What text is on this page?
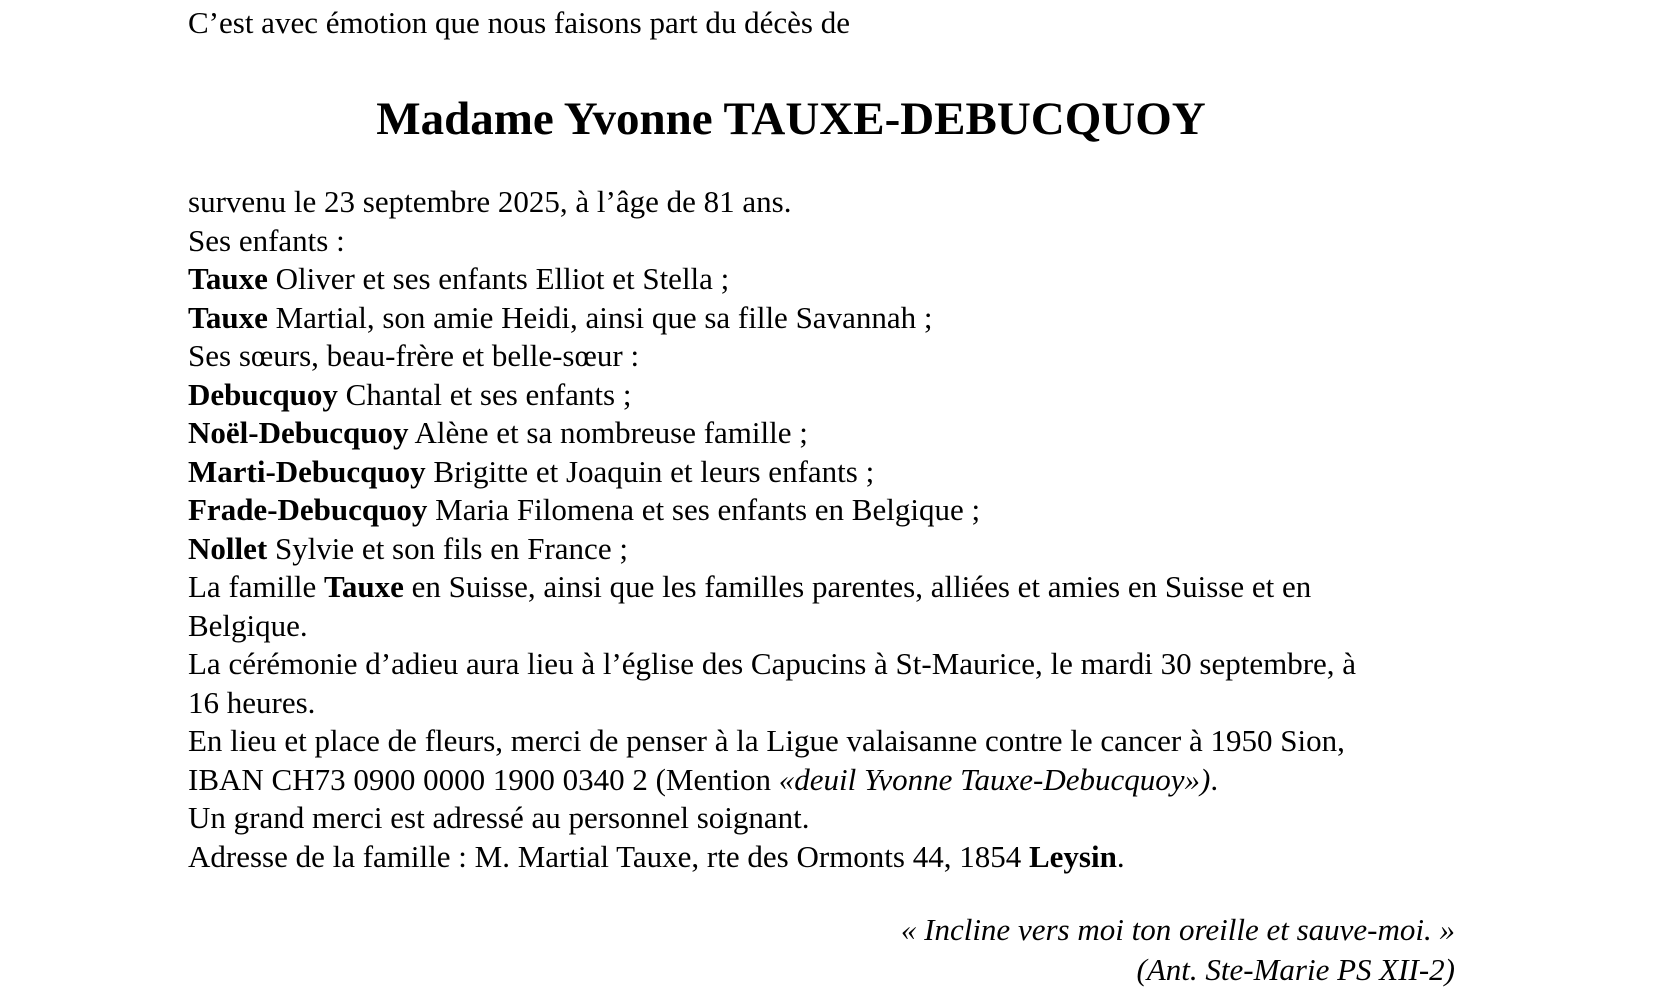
C’est avec émotion que nous faisons part du décès de
Madame Yvonne TAUXE-DEBUCQUOY
survenu le 23 septembre 2025, à l’âge de 81 ans.
Ses enfants :
Tauxe Oliver et ses enfants Elliot et Stella ;
Tauxe Martial, son amie Heidi, ainsi que sa fille Savannah ;
Ses sœurs, beau-frère et belle-sœur :
Debucquoy Chantal et ses enfants ;
Noël-Debucquoy Alène et sa nombreuse famille ;
Marti-Debucquoy Brigitte et Joaquin et leurs enfants ;
Frade-Debucquoy Maria Filomena et ses enfants en Belgique ;
Nollet Sylvie et son fils en France ;
La famille Tauxe en Suisse, ainsi que les familles parentes, alliées et amies en Suisse et en
Belgique.
La cérémonie d’adieu aura lieu à l’église des Capucins à St-Maurice, le mardi 30 septembre, à
16 heures.
En lieu et place de fleurs, merci de penser à la Ligue valaisanne contre le cancer à 1950 Sion,
IBAN CH73 0900 0000 1900 0340 2 (Mention «deuil Yvonne Tauxe-Debucquoy»).
Un grand merci est adressé au personnel soignant.
Adresse de la famille : M. Martial Tauxe, rte des Ormonts 44, 1854 Leysin.
« Incline vers moi ton oreille et sauve-moi. »
(Ant. Ste-Marie PS XII-2)
